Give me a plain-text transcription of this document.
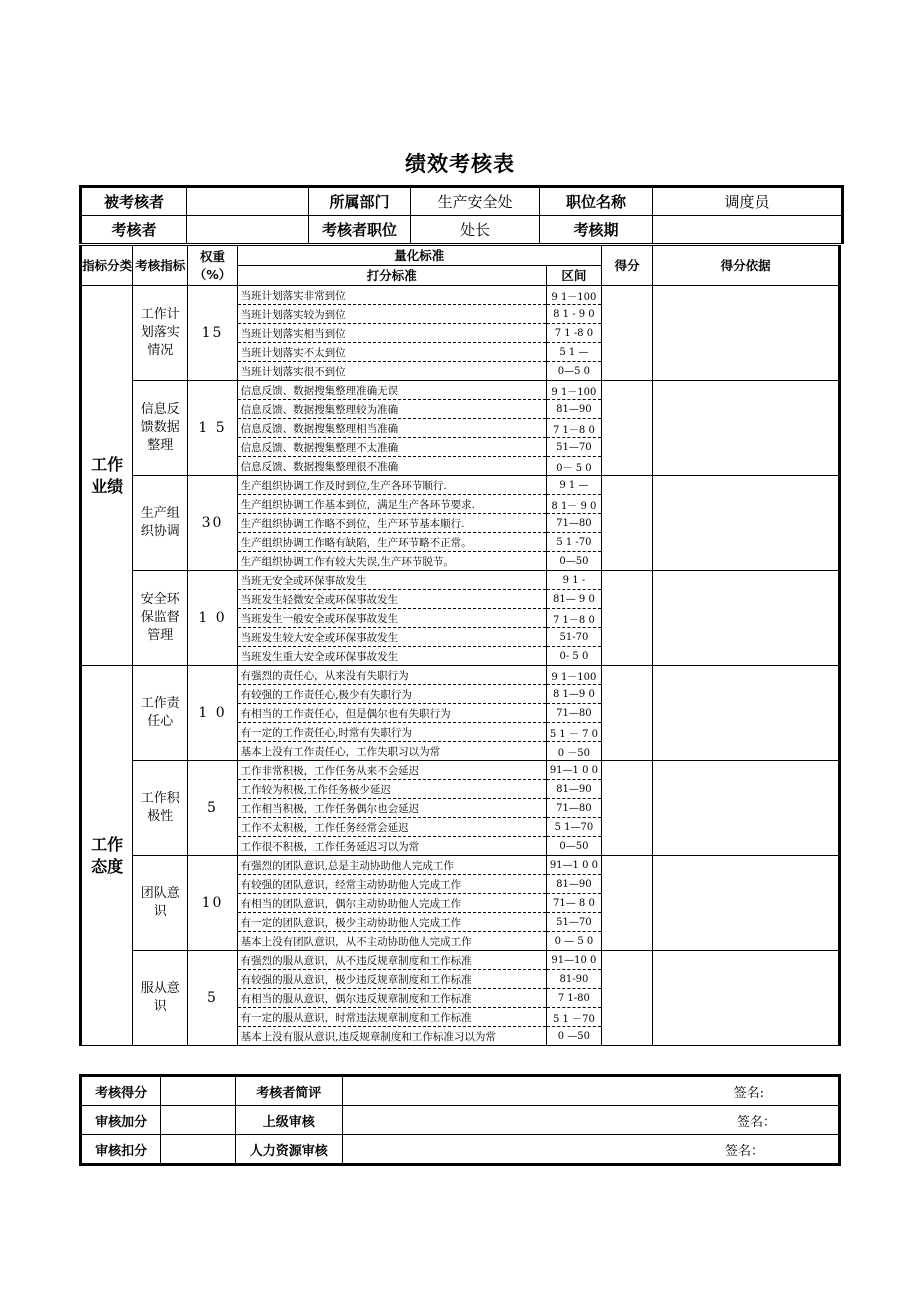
绩效考核表
被考核者		所属部门	生产安全处	职位名称	调度员
考核者		考核者职位	处长	考核期	
指标分类	考核指标	权重（%）	量化标准		得分	得分依据
			打分标准	区间		
工作业绩	工作计划落实情况	15	当班计划落实非常到位	9 1－100		
			当班计划落实较为到位	8 1 - 9 0		
			当班计划落实相当到位	7 1 -8 0		
			当班计划落实不太到位	5 1 —		
			当班计划落实很不到位	0—5 0		
	信息反馈数据整理	1 5	信息反馈、数据搜集整理准确无误	9 1－100		
			信息反馈、数据搜集整理较为准确	81—90		
			信息反馈、数据搜集整理相当准确	7 1－8 0		
			信息反馈、数据搜集整理不太准确	51—70		
			信息反馈、数据搜集整理很不准确	0－ 5 0		
	生产组织协调	30	生产组织协调工作及时到位,生产各环节顺行.	9 1 —		
			生产组织协调工作基本到位，满足生产各环节要求.	8 1－ 9 0		
			生产组织协调工作略不到位，生产环节基本顺行.	71—80		
			生产组织协调工作略有缺陷，生产环节略不正常。	5 1 -70		
			生产组织协调工作有较大失误,生产环节脱节。	0—50		
	安全环保监督管理	1 0	当班无安全或环保事故发生	9 1 -		
			当班发生轻微安全或环保事故发生	81— 9 0		
			当班发生一般安全或环保事故发生	7 1－8 0		
			当班发生较大安全或环保事故发生	51-70		
			当班发生重大安全或环保事故发生	0- 5 0		
工作态度	工作责任心	1 0	有强烈的责任心，从来没有失职行为	9 1－100		
			有较强的工作责任心,极少有失职行为	8 1—9 0		
			有相当的工作责任心，但是偶尔也有失职行为	71—80		
			有一定的工作责任心,时常有失职行为	5 1 － 7 0		
			基本上没有工作责任心，工作失职习以为常	0 －50		
	工作积极性	5	工作非常积极，工作任务从来不会延迟	91—1 0 0		
			工作较为积极,工作任务极少延迟	81—90		
			工作相当积极，工作任务偶尔也会延迟	71—80		
			工作不太积极，工作任务经常会延迟	5 1—70		
			工作很不积极，工作任务延迟习以为常	0—50		
	团队意识	10	有强烈的团队意识,总是主动协助他人完成工作	91—1 0 0		
			有较强的团队意识，经常主动协助他人完成工作	81—90		
			有相当的团队意识，偶尔主动协助他人完成工作	71— 8 0		
			有一定的团队意识，极少主动协助他人完成工作	51—70		
			基本上没有团队意识，从不主动协助他人完成工作	0 — 5 0		
	服从意识	5	有强烈的服从意识，从不违反规章制度和工作标准	91—10 0		
			有较强的服从意识，极少违反规章制度和工作标准	81-90		
			有相当的服从意识，偶尔违反规章制度和工作标准	7 1-80		
			有一定的服从意识，时常违法规章制度和工作标准	5 1 －70		
			基本上没有服从意识,违反规章制度和工作标准习以为常	0 —50		
考核得分		考核者简评	签名:
审核加分		上级审核	签名：
审核扣分		人力资源审核	签名：
